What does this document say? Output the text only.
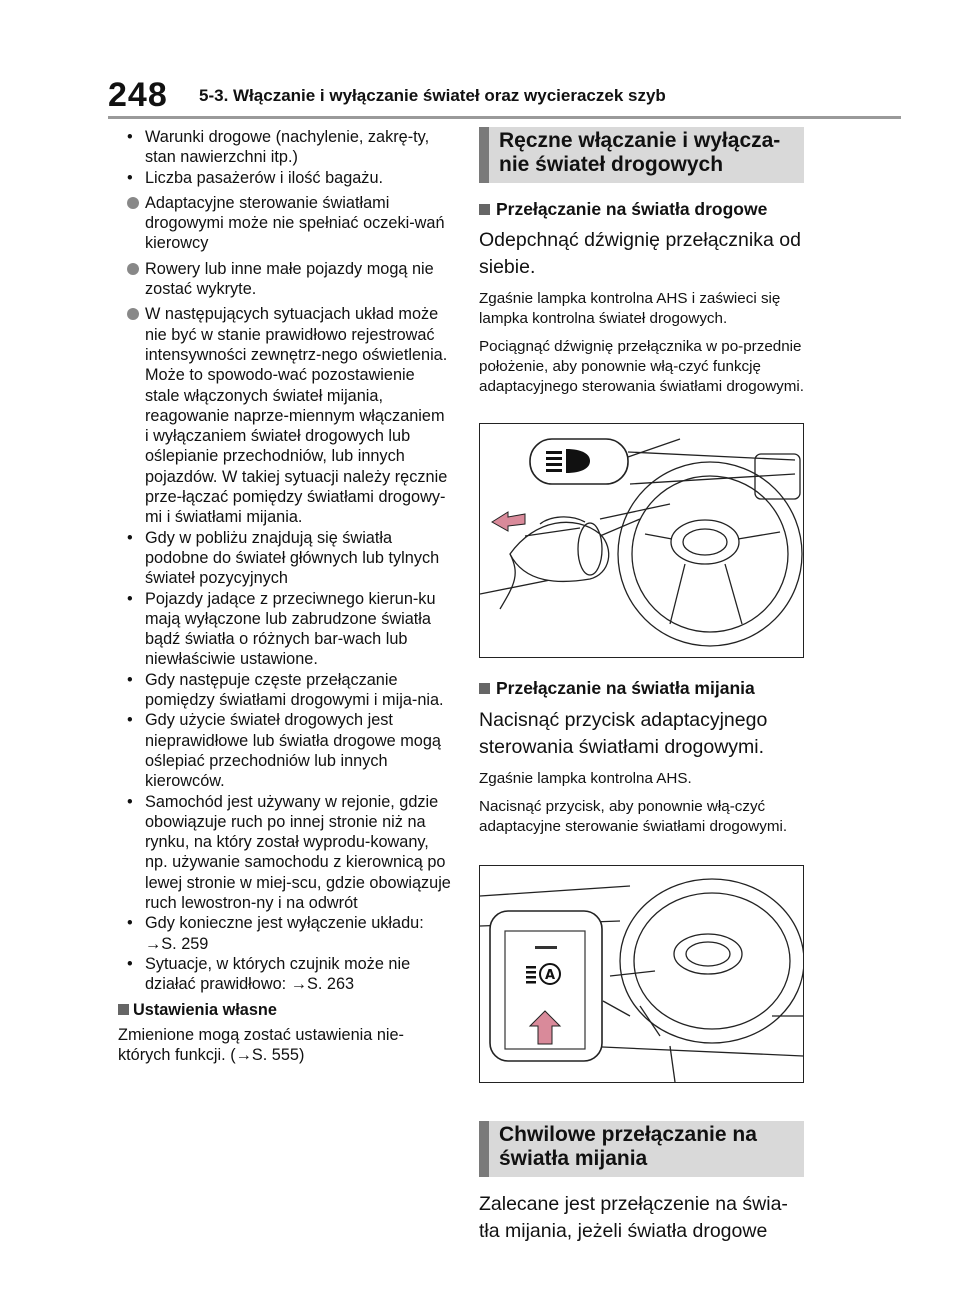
248 5-3. Włączanie i wyłączanie świateł oraz wycieraczek szyb
• Warunki drogowe (nachylenie, zakrę-ty, stan nawierzchni itp.)
• Liczba pasażerów i ilość bagażu.
Adaptacyjne sterowanie światłami drogowymi może nie spełniać oczeki-wań kierowcy
Rowery lub inne małe pojazdy mogą nie zostać wykryte.
W następujących sytuacjach układ może nie być w stanie prawidłowo rejestrować intensywności zewnętrz-nego oświetlenia. Może to spowodo-wać pozostawienie stale włączonych świateł mijania, reagowanie naprze-miennym włączaniem i wyłączaniem świateł drogowych lub oślepianie przechodniów, lub innych pojazdów. W takiej sytuacji należy ręcznie prze-łączać pomiędzy światłami drogowy-mi i światłami mijania.
• Gdy w pobliżu znajdują się światła podobne do świateł głównych lub tylnych świateł pozycyjnych
• Pojazdy jadące z przeciwnego kierun-ku mają wyłączone lub zabrudzone światła bądź światła o różnych bar-wach lub niewłaściwie ustawione.
• Gdy następuje częste przełączanie pomiędzy światłami drogowymi i mija-nia.
• Gdy użycie świateł drogowych jest nieprawidłowe lub światła drogowe mogą oślepiać przechodniów lub innych kierowców.
• Samochód jest używany w rejonie, gdzie obowiązuje ruch po innej stronie niż na rynku, na który został wyprodu-kowany, np. używanie samochodu z kierownicą po lewej stronie w miej-scu, gdzie obowiązuje ruch lewostron-ny i na odwrót
• Gdy konieczne jest wyłączenie układu: →S. 259
• Sytuacje, w których czujnik może nie działać prawidłowo: →S. 263
Ustawienia własne

Zmienione mogą zostać ustawienia nie-których funkcji. (→S. 555)

Ręczne włączanie i wyłącza-nie świateł drogowych
Przełączanie na światła drogowe

Odepchnąć dźwignię przełącznika od siebie.

Zgaśnie lampka kontrolna AHS i zaświeci się lampka kontrolna świateł drogowych.

Pociągnąć dźwignię przełącznika w po-przednie położenie, aby ponownie włą-czyć funkcję adaptacyjnego sterowania światłami drogowymi.

Przełączanie na światła mijania

Nacisnąć przycisk adaptacyjnego sterowania światłami drogowymi.

Zgaśnie lampka kontrolna AHS.

Nacisnąć przycisk, aby ponownie włą-czyć adaptacyjne sterowanie światłami drogowymi.

A
Chwilowe przełączanie na światła mijania

Zalecane jest przełączenie na świa-tła mijania, jeżeli światła drogowe
